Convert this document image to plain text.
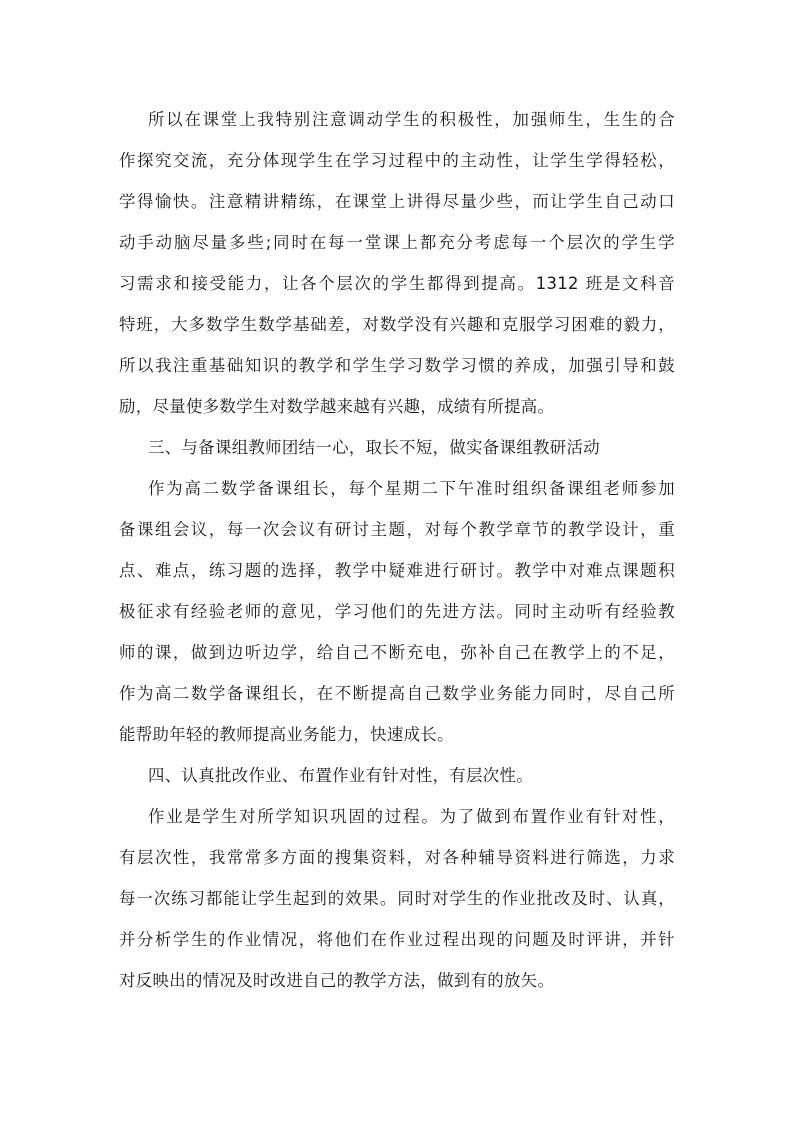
所以在课堂上我特别注意调动学生的积极性，加强师生，生生的合
作探究交流，充分体现学生在学习过程中的主动性，让学生学得轻松，
学得愉快。注意精讲精练，在课堂上讲得尽量少些，而让学生自己动口
动手动脑尽量多些;同时在每一堂课上都充分考虑每一个层次的学生学
习需求和接受能力，让各个层次的学生都得到提高。1312 班是文科音
特班，大多数学生数学基础差，对数学没有兴趣和克服学习困难的毅力，
所以我注重基础知识的教学和学生学习数学习惯的养成，加强引导和鼓
励，尽量使多数学生对数学越来越有兴趣，成绩有所提高。
三、与备课组教师团结一心，取长不短，做实备课组教研活动
作为高二数学备课组长，每个星期二下午准时组织备课组老师参加
备课组会议，每一次会议有研讨主题，对每个教学章节的教学设计，重
点、难点，练习题的选择，教学中疑难进行研讨。教学中对难点课题积
极征求有经验老师的意见，学习他们的先进方法。同时主动听有经验教
师的课，做到边听边学，给自己不断充电，弥补自己在教学上的不足，
作为高二数学备课组长，在不断提高自己数学业务能力同时，尽自己所
能帮助年轻的教师提高业务能力，快速成长。
四、认真批改作业、布置作业有针对性，有层次性。
作业是学生对所学知识巩固的过程。为了做到布置作业有针对性，
有层次性，我常常多方面的搜集资料，对各种辅导资料进行筛选，力求
每一次练习都能让学生起到的效果。同时对学生的作业批改及时、认真，
并分析学生的作业情况，将他们在作业过程出现的问题及时评讲，并针
对反映出的情况及时改进自己的教学方法，做到有的放矢。
